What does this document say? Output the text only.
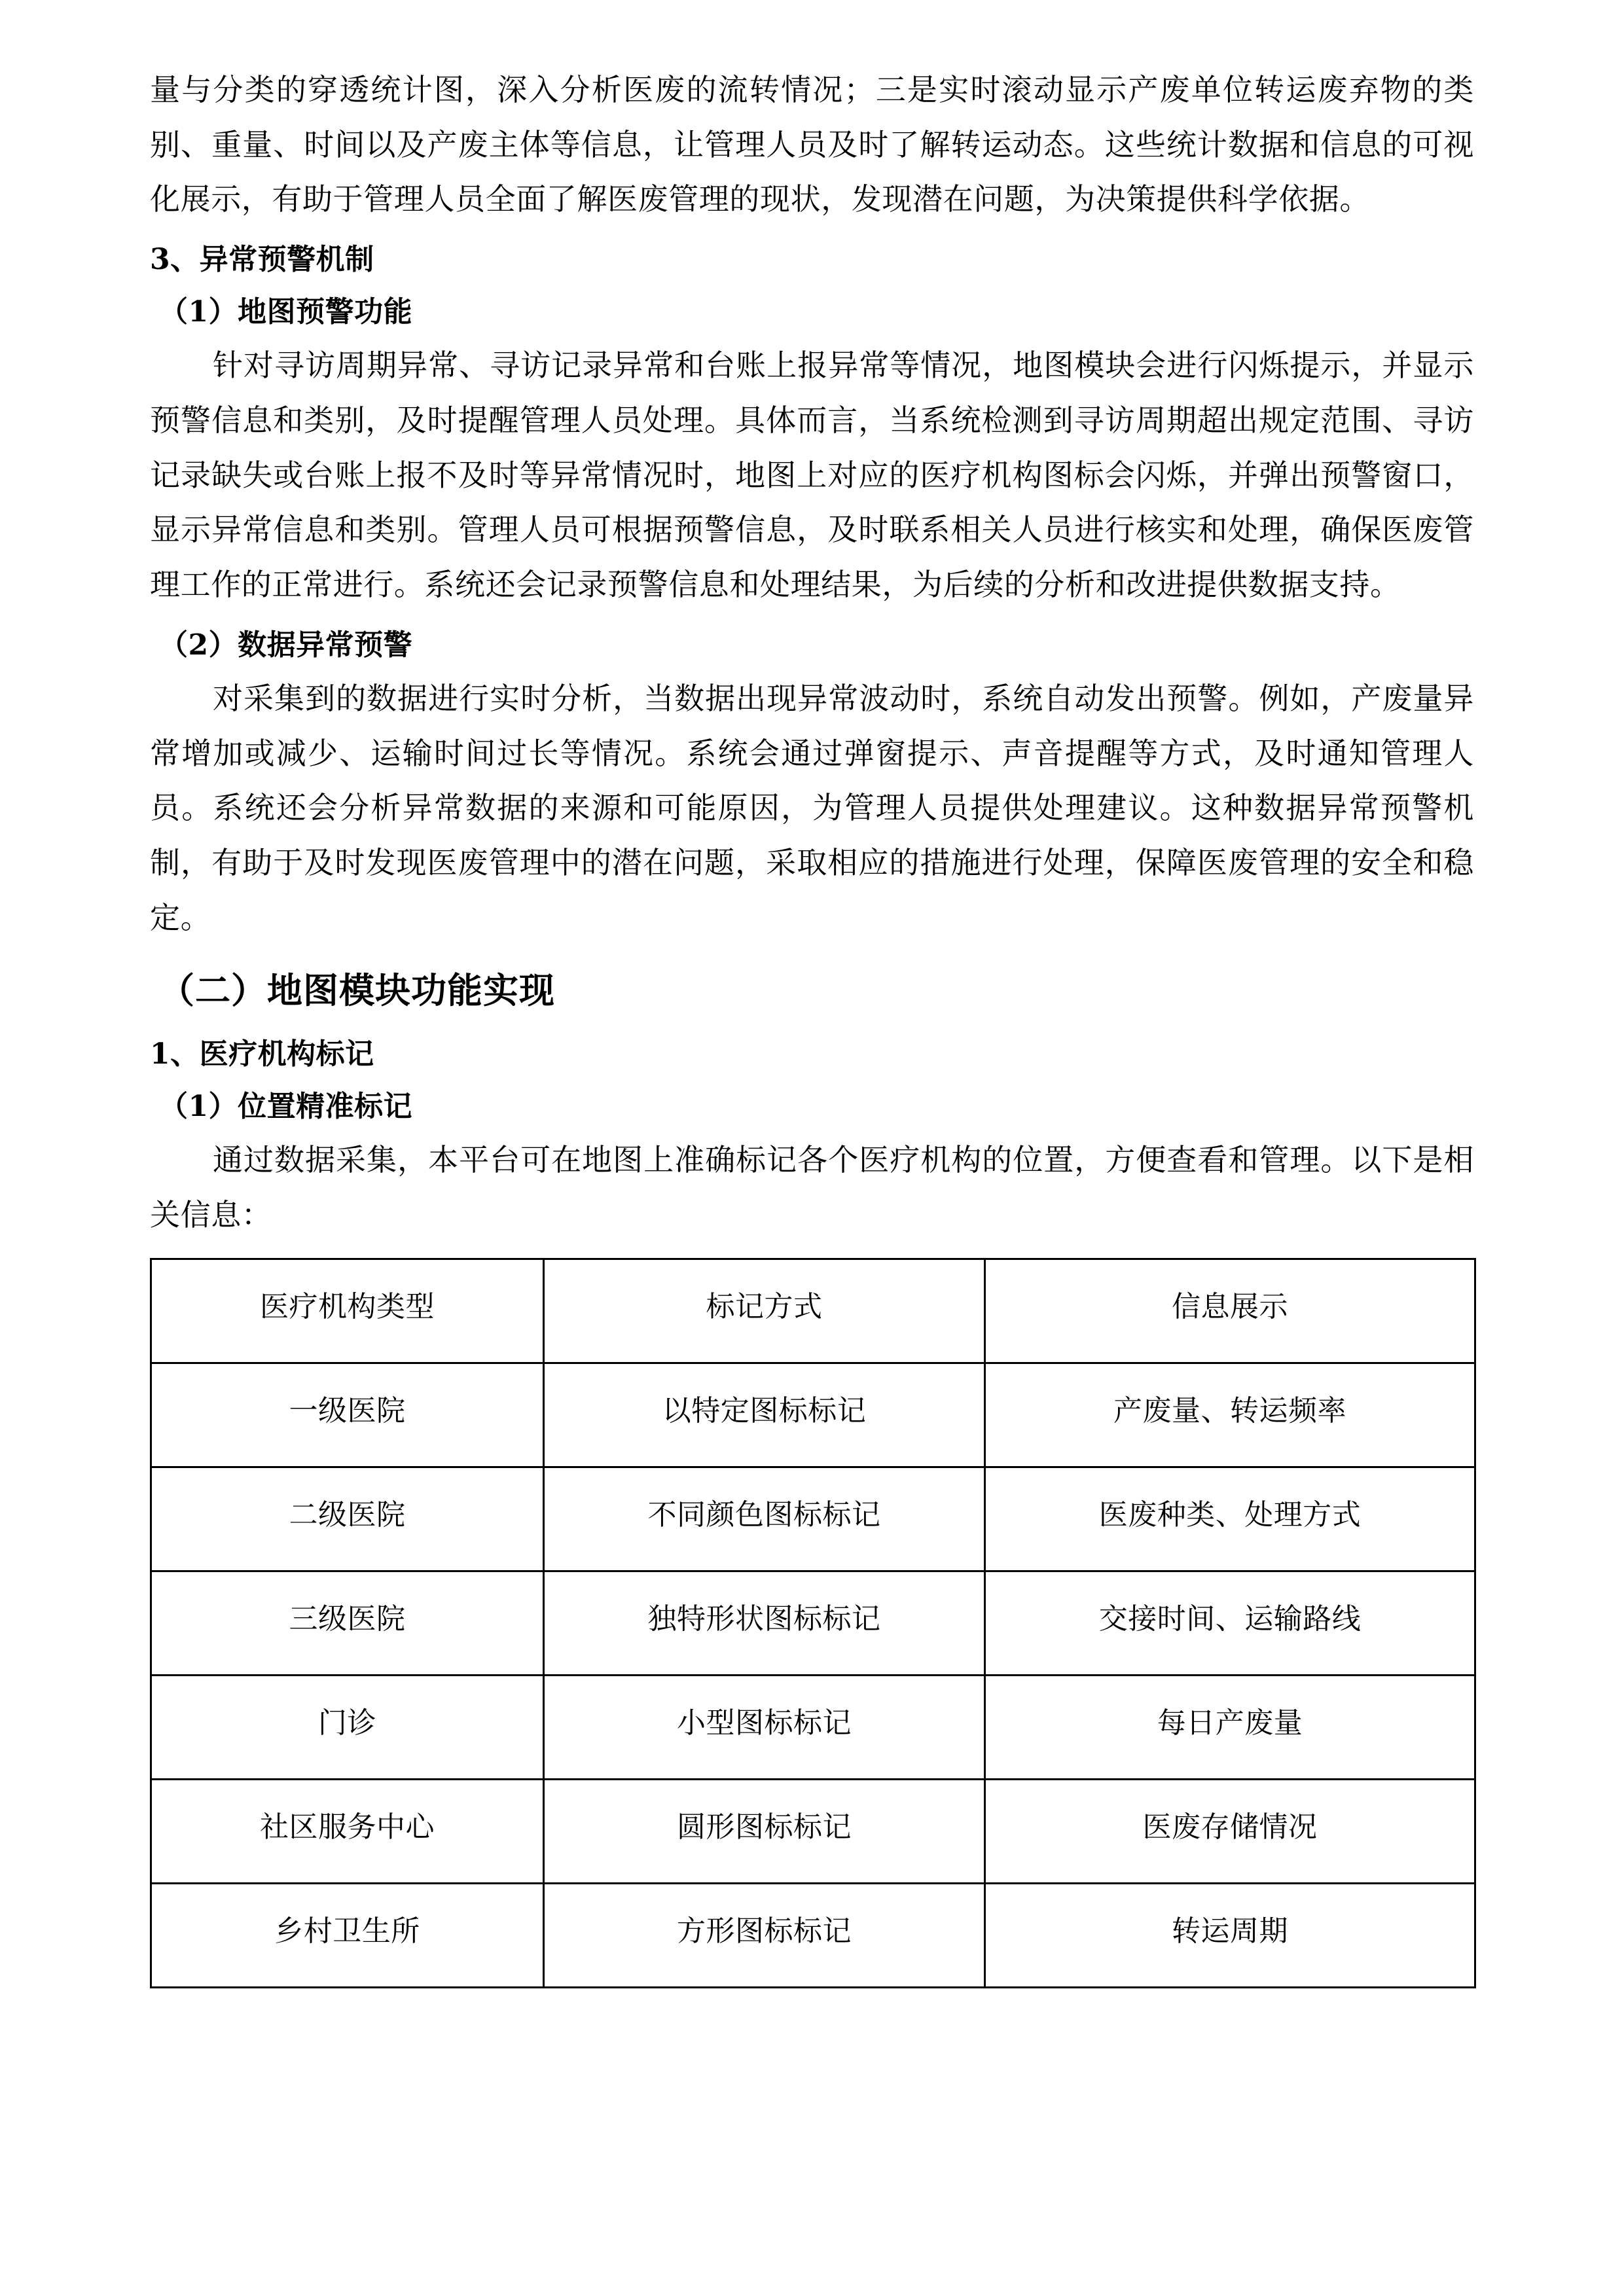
量与分类的穿透统计图，深入分析医废的流转情况；三是实时滚动显示产废单位转运废弃物的类别、重量、时间以及产废主体等信息，让管理人员及时了解转运动态。这些统计数据和信息的可视化展示，有助于管理人员全面了解医废管理的现状，发现潜在问题，为决策提供科学依据。

3、异常预警机制

（1）地图预警功能

针对寻访周期异常、寻访记录异常和台账上报异常等情况，地图模块会进行闪烁提示，并显示预警信息和类别，及时提醒管理人员处理。具体而言，当系统检测到寻访周期超出规定范围、寻访记录缺失或台账上报不及时等异常情况时，地图上对应的医疗机构图标会闪烁，并弹出预警窗口，显示异常信息和类别。管理人员可根据预警信息，及时联系相关人员进行核实和处理，确保医废管理工作的正常进行。系统还会记录预警信息和处理结果，为后续的分析和改进提供数据支持。

（2）数据异常预警

对采集到的数据进行实时分析，当数据出现异常波动时，系统自动发出预警。例如，产废量异常增加或减少、运输时间过长等情况。系统会通过弹窗提示、声音提醒等方式，及时通知管理人员。系统还会分析异常数据的来源和可能原因，为管理人员提供处理建议。这种数据异常预警机制，有助于及时发现医废管理中的潜在问题，采取相应的措施进行处理，保障医废管理的安全和稳定。

（二）地图模块功能实现

1、医疗机构标记

（1）位置精准标记

通过数据采集，本平台可在地图上准确标记各个医疗机构的位置，方便查看和管理。以下是相关信息：

医疗机构类型	标记方式	信息展示
一级医院	以特定图标标记	产废量、转运频率
二级医院	不同颜色图标标记	医废种类、处理方式
三级医院	独特形状图标标记	交接时间、运输路线
门诊	小型图标标记	每日产废量
社区服务中心	圆形图标标记	医废存储情况
乡村卫生所	方形图标标记	转运周期
